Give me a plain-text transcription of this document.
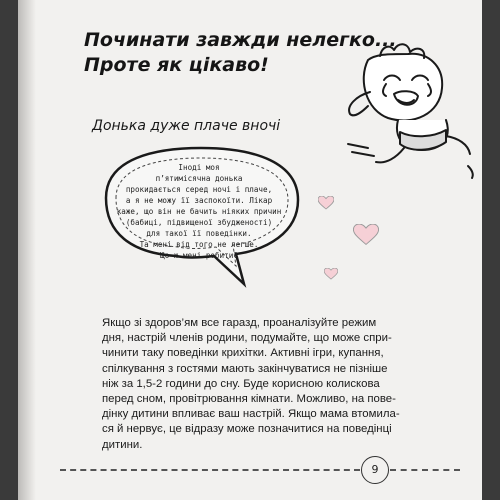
Починати завжди нелегко...
Проте як цікаво!
Донька дуже плаче вночі
Іноді моя
п’ятимісячна донька
прокидається серед ночі і плаче,
а я не можу її заспокоїти. Лікар
каже, що він не бачить ніяких причин
(бабиці, підвищеної збудженості)
для такої її поведінки.
Та мені від того не легше.
Що ж мені робити?
Якщо зі здоров’ям все гаразд, проаналізуйте режим
дня, настрій членів родини, подумайте, що може спри-
чинити таку поведінки крихітки. Активні ігри, купання,
спілкування з гостями мають закінчуватися не пізніше
ніж за 1,5-2 години до сну. Буде корисною колискова
перед сном, провітрювання кімнати. Можливо, на пове-
дінку дитини впливає ваш настрій. Якщо мама втомила-
ся й нервує, це відразу може позначитися на поведінці
дитини.
9
